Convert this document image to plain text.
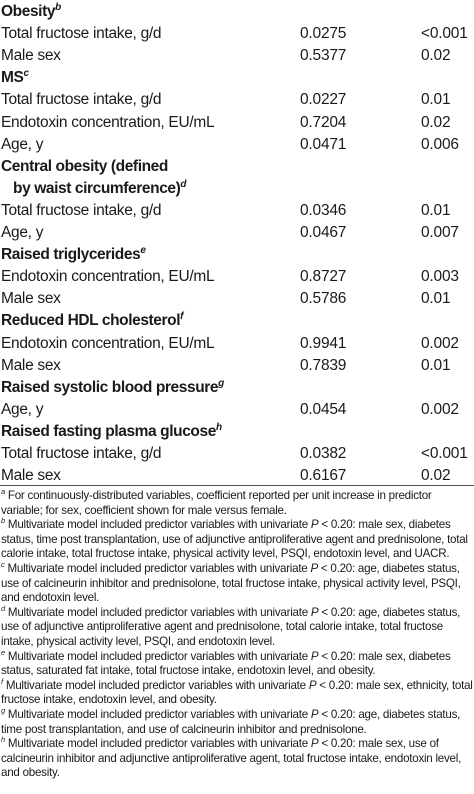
Obesity$^b$
Total fructose intake, g/d	0.0275	<0.001
Male sex	0.5377	0.02
$MS^c$
Total fructose intake, g/d	0.0227	0.01
Endotoxin concentration, EU/mL	0.7204	0.02
Age, y	0.0471	0.006
Central obesity (defined
by waist circumference)$^d$
Total fructose intake, g/d	0.0346	0.01
Age, y	0.0467	0.007
Raised triglycerides$^e$
Endotoxin concentration, EU/mL	0.8727	0.003
Male sex	0.5786	0.01
Reduced HDL cholesterol$^f$
Endotoxin concentration, EU/mL	0.9941	0.002
Male sex	0.7839	0.01
Raised systolic blood pressure$^g$
Age, y	0.0454	0.002
Raised fasting plasma glucose$^h$
Total fructose intake, g/d	0.0382	<0.001
Male sex	0.6167	0.02

$^a$ For continuously-distributed variables, coefficient reported per unit increase in predictor variable; for sex, coefficient shown for male versus female.

$^b$ Multivariate model included predictor variables with univariate P < 0.20: male sex, diabetes status, time post transplantation, use of adjunctive antiproliferative agent and prednisolone, total calorie intake, total fructose intake, physical activity level, PSQI, endotoxin level, and UACR.

$^c$ Multivariate model included predictor variables with univariate P < 0.20: age, diabetes status, use of calcineurin inhibitor and prednisolone, total fructose intake, physical activity level, PSQI, and endotoxin level.

$^d$ Multivariate model included predictor variables with univariate P < 0.20: age, diabetes status, use of adjunctive antiproliferative agent and prednisolone, total calorie intake, total fructose intake, physical activity level, PSQI, and endotoxin level.

$^e$ Multivariate model included predictor variables with univariate P < 0.20: male sex, diabetes status, saturated fat intake, total fructose intake, endotoxin level, and obesity.

$^f$ Multivariate model included predictor variables with univariate P < 0.20: male sex, ethnicity, total fructose intake, endotoxin level, and obesity.

$^g$ Multivariate model included predictor variables with univariate P < 0.20: age, diabetes status, time post transplantation, and use of calcineurin inhibitor and prednisolone.

$^h$ Multivariate model included predictor variables with univariate P < 0.20: male sex, use of calcineurin inhibitor and adjunctive antiproliferative agent, total fructose intake, endotoxin level, and obesity.
